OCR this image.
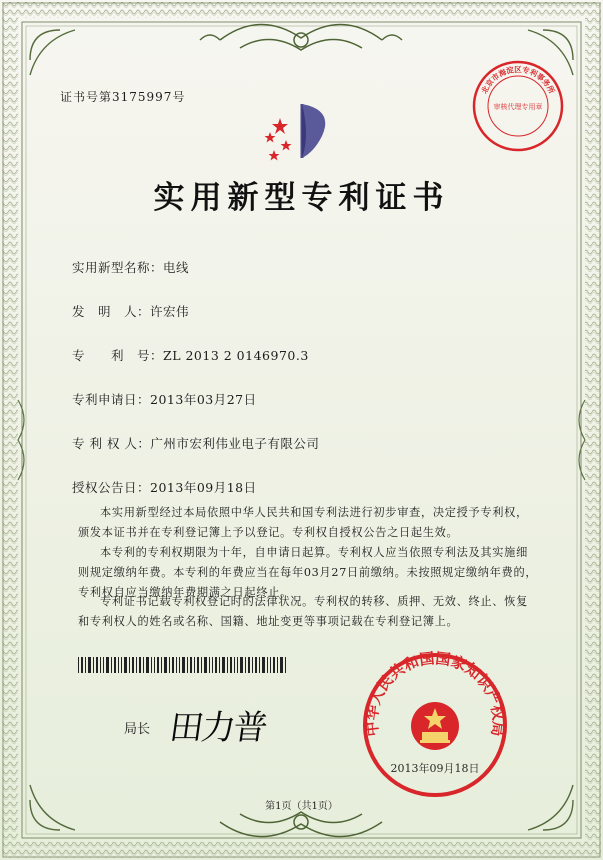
北京市海淀区专利事务所
审核代理专用章
证书号第3175997号
实用新型专利证书
实用新型名称：电线
发　明　人：许宏伟
专　　利　号：ZL 2013 2 0146970.3
专利申请日：2013年03月27日
专 利 权 人：广州市宏利伟业电子有限公司
授权公告日：2013年09月18日
本实用新型经过本局依照中华人民共和国专利法进行初步审查，决定授予专利权，颁发本证书并在专利登记簿上予以登记。专利权自授权公告之日起生效。
本专利的专利权期限为十年，自申请日起算。专利权人应当依照专利法及其实施细则规定缴纳年费。本专利的年费应当在每年03月27日前缴纳。未按照规定缴纳年费的，专利权自应当缴纳年费期满之日起终止。
专利证书记载专利权登记时的法律状况。专利权的转移、质押、无效、终止、恢复和专利权人的姓名或名称、国籍、地址变更等事项记载在专利登记簿上。
局长 田力普	中华人民共和国国家知识产权局
2013年09月18日
第1页（共1页）
